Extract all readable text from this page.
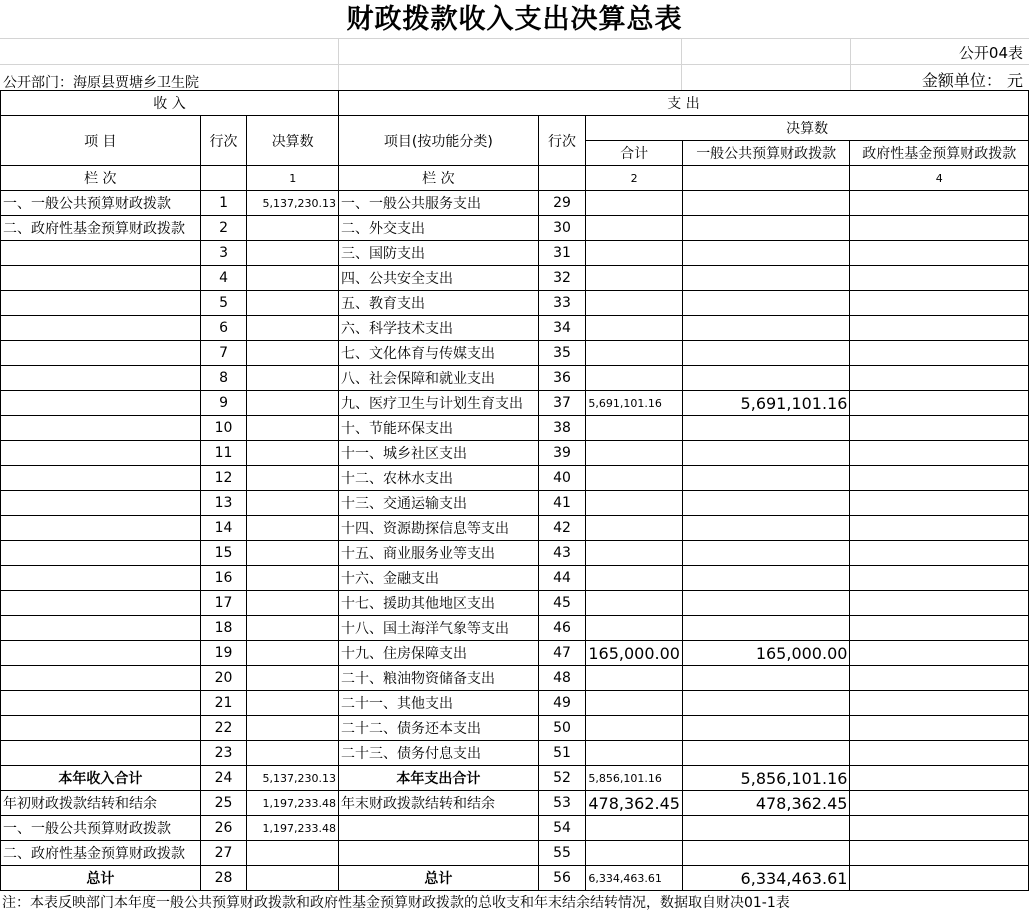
财政拨款收入支出决算总表
公开04表
公开部门：海原县贾塘乡卫生院	金额单位： 元
收 入			支 出				
项 目	行次	决算数	项目(按功能分类)	行次	决算数		
					合计	一般公共预算财政拨款	政府性基金预算财政拨款
栏 次		1	栏 次		2		4
一、一般公共预算财政拨款	1	5,137,230.13	一、一般公共服务支出	29			
二、政府性基金预算财政拨款	2		二、外交支出	30			
	3		三、国防支出	31			
	4		四、公共安全支出	32			
	5		五、教育支出	33			
	6		六、科学技术支出	34			
	7		七、文化体育与传媒支出	35			
	8		八、社会保障和就业支出	36			
	9		九、医疗卫生与计划生育支出	37	5,691,101.16	5,691,101.16	
	10		十、节能环保支出	38			
	11		十一、城乡社区支出	39			
	12		十二、农林水支出	40			
	13		十三、交通运输支出	41			
	14		十四、资源勘探信息等支出	42			
	15		十五、商业服务业等支出	43			
	16		十六、金融支出	44			
	17		十七、援助其他地区支出	45			
	18		十八、国土海洋气象等支出	46			
	19		十九、住房保障支出	47	165,000.00	165,000.00	
	20		二十、粮油物资储备支出	48			
	21		二十一、其他支出	49			
	22		二十二、债务还本支出	50			
	23		二十三、债务付息支出	51			
本年收入合计	24	5,137,230.13	本年支出合计	52	5,856,101.16	5,856,101.16	
年初财政拨款结转和结余	25	1,197,233.48	年末财政拨款结转和结余	53	478,362.45	478,362.45	
一、一般公共预算财政拨款	26	1,197,233.48		54			
二、政府性基金预算财政拨款	27			55			
总计	28		总计	56	6,334,463.61	6,334,463.61	
注：本表反映部门本年度一般公共预算财政拨款和政府性基金预算财政拨款的总收支和年末结余结转情况，数据取自财决01-1表
